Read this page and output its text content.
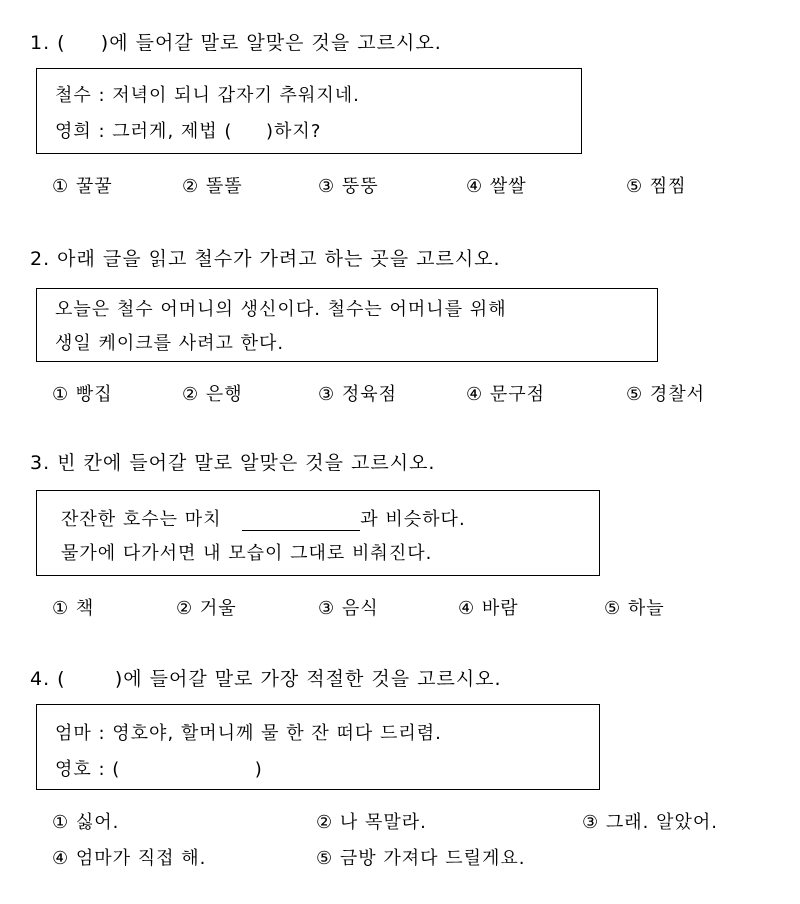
1. (     )에 들어갈 말로 알맞은 것을 고르시오.
철수 : 저녁이 되니 갑자기 추워지네.
영희 : 그러게, 제법 (     )하지?
① 꿀꿀	② 똘똘	③ 뚱뚱	④ 쌀쌀	⑤ 찜찜
2. 아래 글을 읽고 철수가 가려고 하는 곳을 고르시오.
오늘은 철수 어머니의 생신이다. 철수는 어머니를 위해
생일 케이크를 사려고 한다.
① 빵집	② 은행	③ 정육점	④ 문구점	⑤ 경찰서
3. 빈 칸에 들어갈 말로 알맞은 것을 고르시오.
잔잔한 호수는 마치	과 비슷하다.
물가에 다가서면 내 모습이 그대로 비춰진다.
① 책	② 거울	③ 음식	④ 바람	⑤ 하늘
4. (       )에 들어갈 말로 가장 적절한 것을 고르시오.
엄마 : 영호야, 할머니께 물 한 잔 떠다 드리렴.
영호 : (                    )
① 싫어.	② 나 목말라.	③ 그래. 알았어.
④ 엄마가 직접 해.	⑤ 금방 가져다 드릴게요.
